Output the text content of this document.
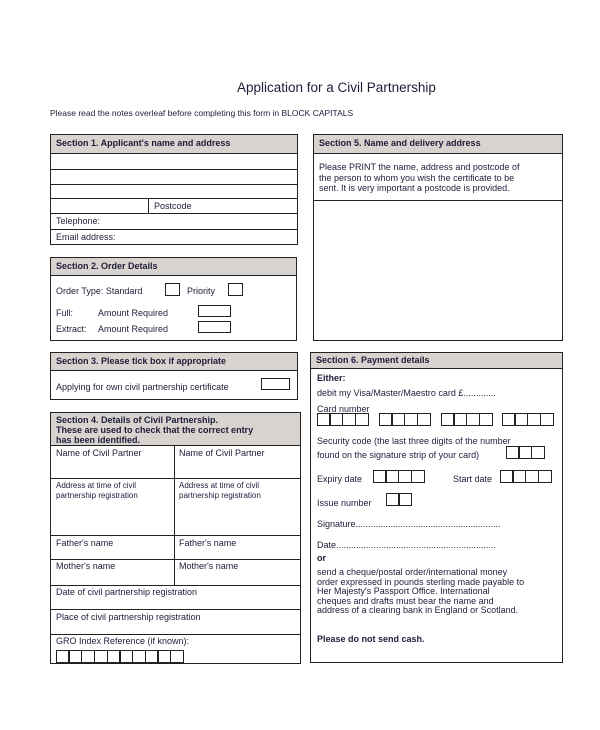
Application for a Civil Partnership
Please read the notes overleaf before completing this form in BLOCK CAPITALS
Section 1. Applicant's name and address
Postcode
Telephone:
Email address:
Section 2. Order Details
Order Type: Standard	Priority
Full:	Amount Required
Extract: Amount Required
Section 3. Please tick box if appropriate
Applying for own civil partnership certificate
Section 4. Details of Civil Partnership.
These are used to check that the correct entry
has been identified.
Name of Civil Partner	Name of Civil Partner
Address at time of civil
partnership registration
Address at time of civil
partnership registration
Father's name	Father's name
Mother's name	Mother's name
Date of civil partnership registration
Place of civil partnership registration
GRO Index Reference (if known):
Section 5. Name and delivery address
Please PRINT the name, address and postcode of
the person to whom you wish the certificate to be
sent. It is very important a postcode is provided.
Section 6. Payment details
Either:
debit my Visa/Master/Maestro card £.............
Card number
Security code (the last three digits of the number
found on the signature strip of your card)
Expiry date	Start date
Issue number
Signature..........................................................
Date................................................................
or
send a cheque/postal order/international money
order expressed in pounds sterling made payable to
Her Majesty's Passport Office. International
cheques and drafts must bear the name and
address of a clearing bank in England or Scotland.
Please do not send cash.
